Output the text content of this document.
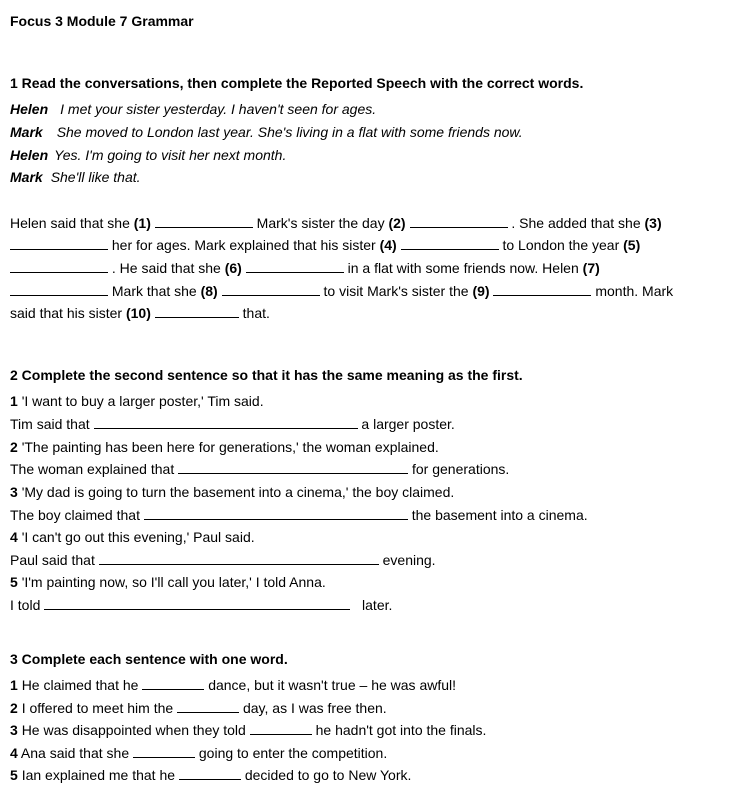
Focus 3 Module 7 Grammar
1 Read the conversations, then complete the Reported Speech with the correct words.
Helen I met your sister yesterday. I haven't seen for ages.
Mark She moved to London last year. She's living in a flat with some friends now.
Helen Yes. I'm going to visit her next month.
Mark She'll like that.
Helen said that she (1)	Mark's sister the day (2)	. She added that she (3)
her for ages. Mark explained that his sister (4)	to London the year (5)
. He said that she (6)	in a flat with some friends now. Helen (7)
Mark that she (8)	to visit Mark's sister the (9)	month. Mark
said that his sister (10)	that.
2 Complete the second sentence so that it has the same meaning as the first.
1 'I want to buy a larger poster,' Tim said.
Tim said that	a larger poster.
2 'The painting has been here for generations,' the woman explained.
The woman explained that	for generations.
3 'My dad is going to turn the basement into a cinema,' the boy claimed.
The boy claimed that	the basement into a cinema.
4 'I can't go out this evening,' Paul said.
Paul said that	evening.
5 'I'm painting now, so I'll call you later,' I told Anna.
I told	later.
3 Complete each sentence with one word.
1 He claimed that he	dance, but it wasn't true – he was awful!
2 I offered to meet him the	day, as I was free then.
3 He was disappointed when they told	he hadn't got into the finals.
4 Ana said that she	going to enter the competition.
5 Ian explained me that he	decided to go to New York.
